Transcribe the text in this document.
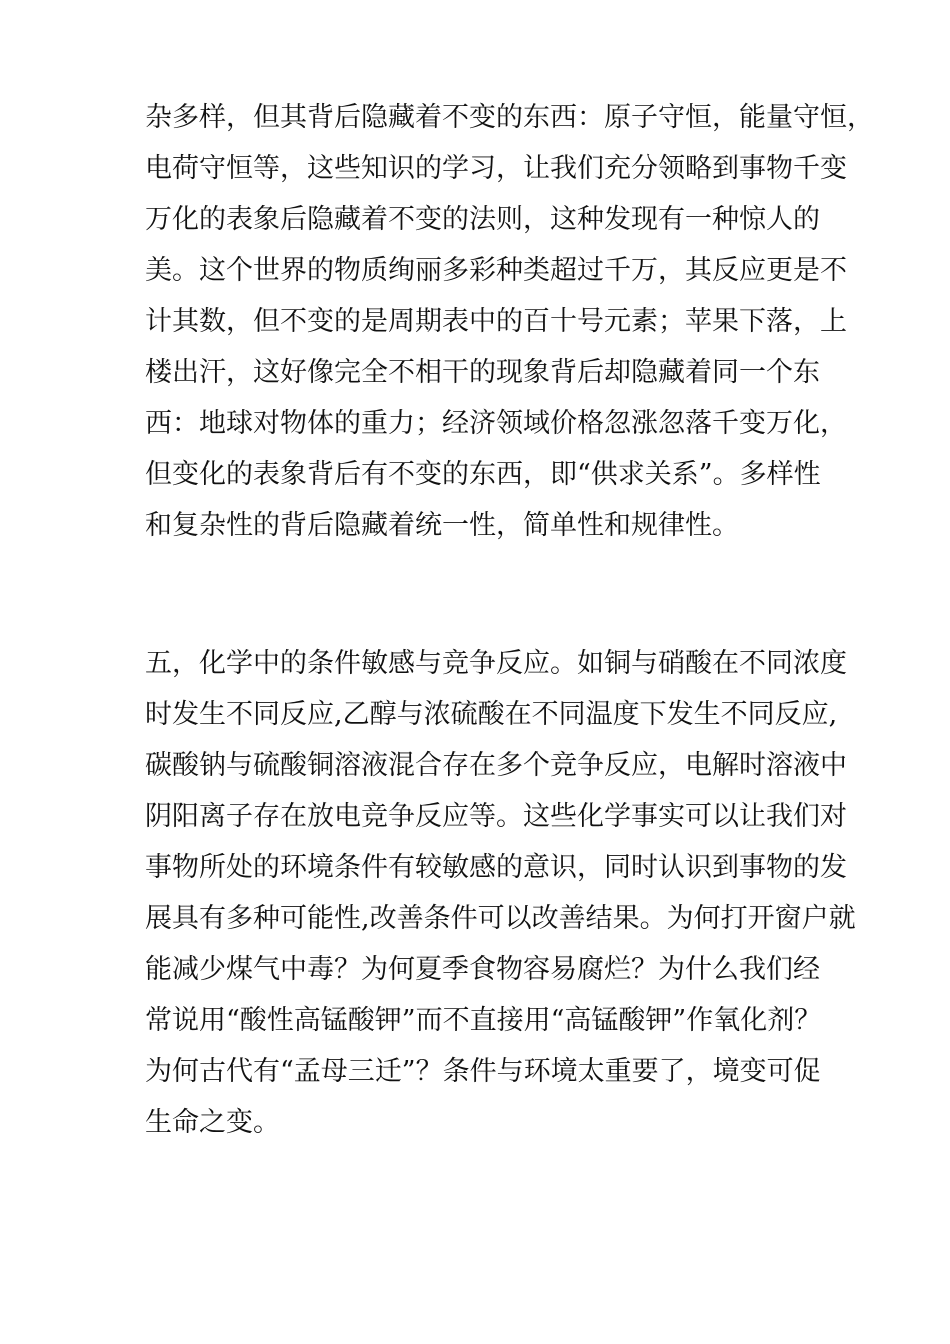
杂多样，但其背后隐藏着不变的东西：原子守恒，能量守恒，
电荷守恒等，这些知识的学习，让我们充分领略到事物千变
万化的表象后隐藏着不变的法则，这种发现有一种惊人的
美。这个世界的物质绚丽多彩种类超过千万，其反应更是不
计其数，但不变的是周期表中的百十号元素；苹果下落，上
楼出汗，这好像完全不相干的现象背后却隐藏着同一个东
西：地球对物体的重力；经济领域价格忽涨忽落千变万化，
但变化的表象背后有不变的东西，即“供求关系”。多样性
和复杂性的背后隐藏着统一性，简单性和规律性。
五，化学中的条件敏感与竞争反应。如铜与硝酸在不同浓度
时发生不同反应,乙醇与浓硫酸在不同温度下发生不同反应,
碳酸钠与硫酸铜溶液混合存在多个竞争反应，电解时溶液中
阴阳离子存在放电竞争反应等。这些化学事实可以让我们对
事物所处的环境条件有较敏感的意识，同时认识到事物的发
展具有多种可能性,改善条件可以改善结果。为何打开窗户就
能减少煤气中毒？为何夏季食物容易腐烂？为什么我们经
常说用“酸性高锰酸钾”而不直接用“高锰酸钾”作氧化剂？
为何古代有“孟母三迁”？条件与环境太重要了，境变可促
生命之变。
